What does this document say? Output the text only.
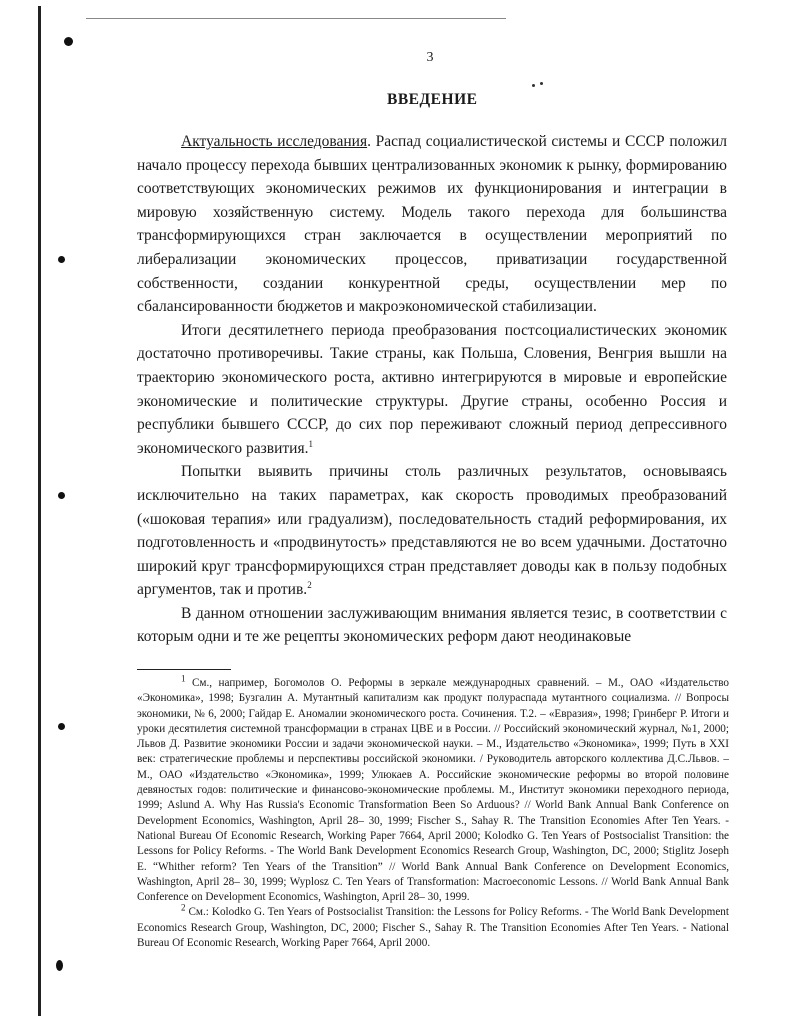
3
ВВЕДЕНИЕ

Актуальность исследования. Распад социалистической системы и СССР положил начало процессу перехода бывших централизованных экономик к рынку, формированию соответствующих экономических режимов их функционирования и интеграции в мировую хозяйственную систему. Модель такого перехода для большинства трансформирующихся стран заключается в осуществлении мероприятий по либерализации экономических процессов, приватизации государственной собственности, создании конкурентной среды, осуществлении мер по сбалансированности бюджетов и макроэкономической стабилизации.

Итоги десятилетнего периода преобразования постсоциалистических экономик достаточно противоречивы. Такие страны, как Польша, Словения, Венгрия вышли на траекторию экономического роста, активно интегрируются в мировые и европейские экономические и политические структуры. Другие страны, особенно Россия и республики бывшего СССР, до сих пор переживают сложный период депрессивного экономического развития.$^1$

Попытки выявить причины столь различных результатов, основываясь исключительно на таких параметрах, как скорость проводимых преобразований («шоковая терапия» или градуализм), последовательность стадий реформирования, их подготовленность и «продвинутость» представляются не во всем удачными. Достаточно широкий круг трансформирующихся стран представляет доводы как в пользу подобных аргументов, так и против.$^2$

В данном отношении заслуживающим внимания является тезис, в соответствии с которым одни и те же рецепты экономических реформ дают неодинаковые

$^1$ См., например, Богомолов О. Реформы в зеркале международных сравнений. – М., ОАО «Издательство «Экономика», 1998; Бузгалин А. Мутантный капитализм как продукт полураспада мутантного социализма. // Вопросы экономики, № 6, 2000; Гайдар Е. Аномалии экономического роста. Сочинения. Т.2. – «Евразия», 1998; Гринберг Р. Итоги и уроки десятилетия системной трансформации в странах ЦВЕ и в России. // Российский экономический журнал, №1, 2000; Львов Д. Развитие экономики России и задачи экономической науки. – М., Издательство «Экономика», 1999; Путь в XXI век: стратегические проблемы и перспективы российской экономики. / Руководитель авторского коллектива Д.С.Львов. – М., ОАО «Издательство «Экономика», 1999; Улюкаев А. Российские экономические реформы во второй половине девяностых годов: политические и финансово-экономические проблемы. М., Институт экономики переходного периода, 1999; Aslund A. Why Has Russia's Economic Transformation Been So Arduous? // World Bank Annual Bank Conference on Development Economics, Washington, April 28– 30, 1999; Fischer S., Sahay R. The Transition Economies After Ten Years. - National Bureau Of Economic Research, Working Paper 7664, April 2000; Kolodko G. Ten Years of Postsocialist Transition: the Lessons for Policy Reforms. - The World Bank Development Economics Research Group, Washington, DC, 2000; Stiglitz Joseph E. “Whither reform? Ten Years of the Transition” // World Bank Annual Bank Conference on Development Economics, Washington, April 28– 30, 1999; Wyplosz C. Ten Years of Transformation: Macroeconomic Lessons. // World Bank Annual Bank Conference on Development Economics, Washington, April 28– 30, 1999.

$^2$ См.: Kolodko G. Ten Years of Postsocialist Transition: the Lessons for Policy Reforms. - The World Bank Development Economics Research Group, Washington, DC, 2000; Fischer S., Sahay R. The Transition Economies After Ten Years. - National Bureau Of Economic Research, Working Paper 7664, April 2000.
